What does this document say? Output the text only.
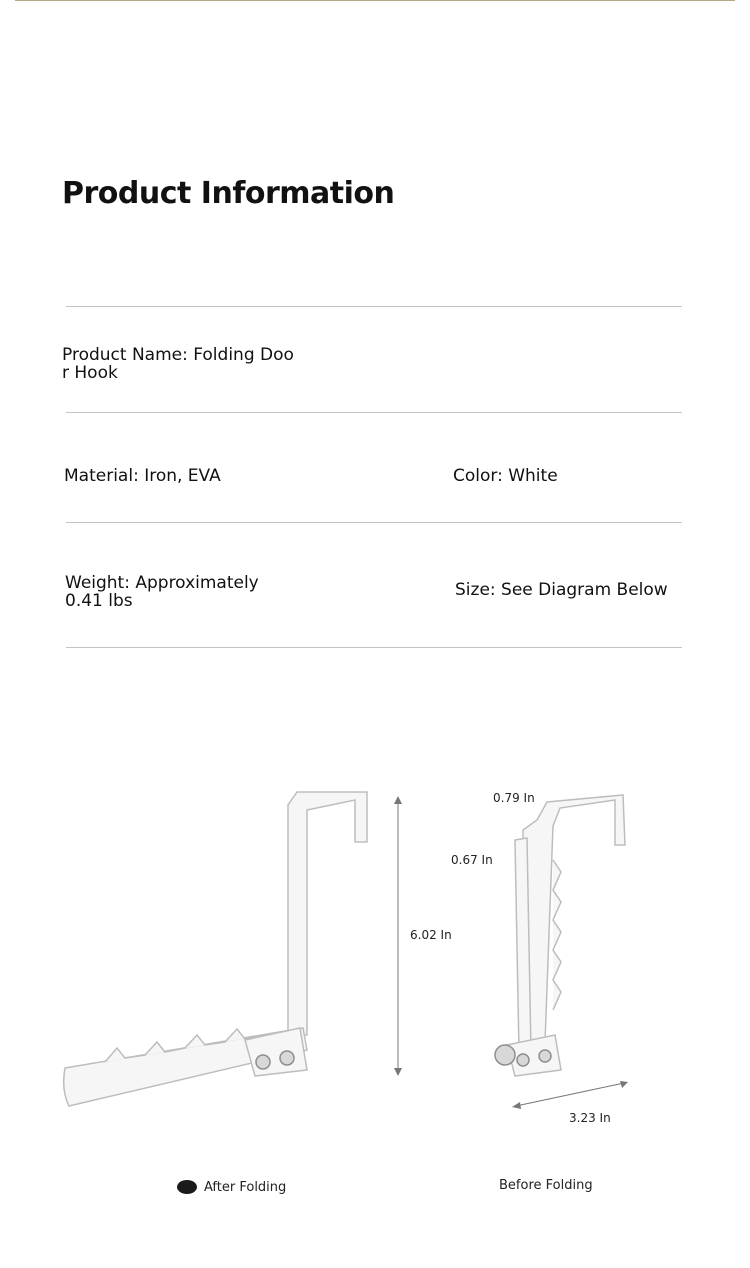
Product Information
Product Name: Folding Door Hook
Material: Iron, EVA	Color: White
Weight: Approximately 0.41 lbs
Size: See Diagram Below
6.02 In
0.79 In
0.67 In
3.23 In
After Folding	Before Folding
